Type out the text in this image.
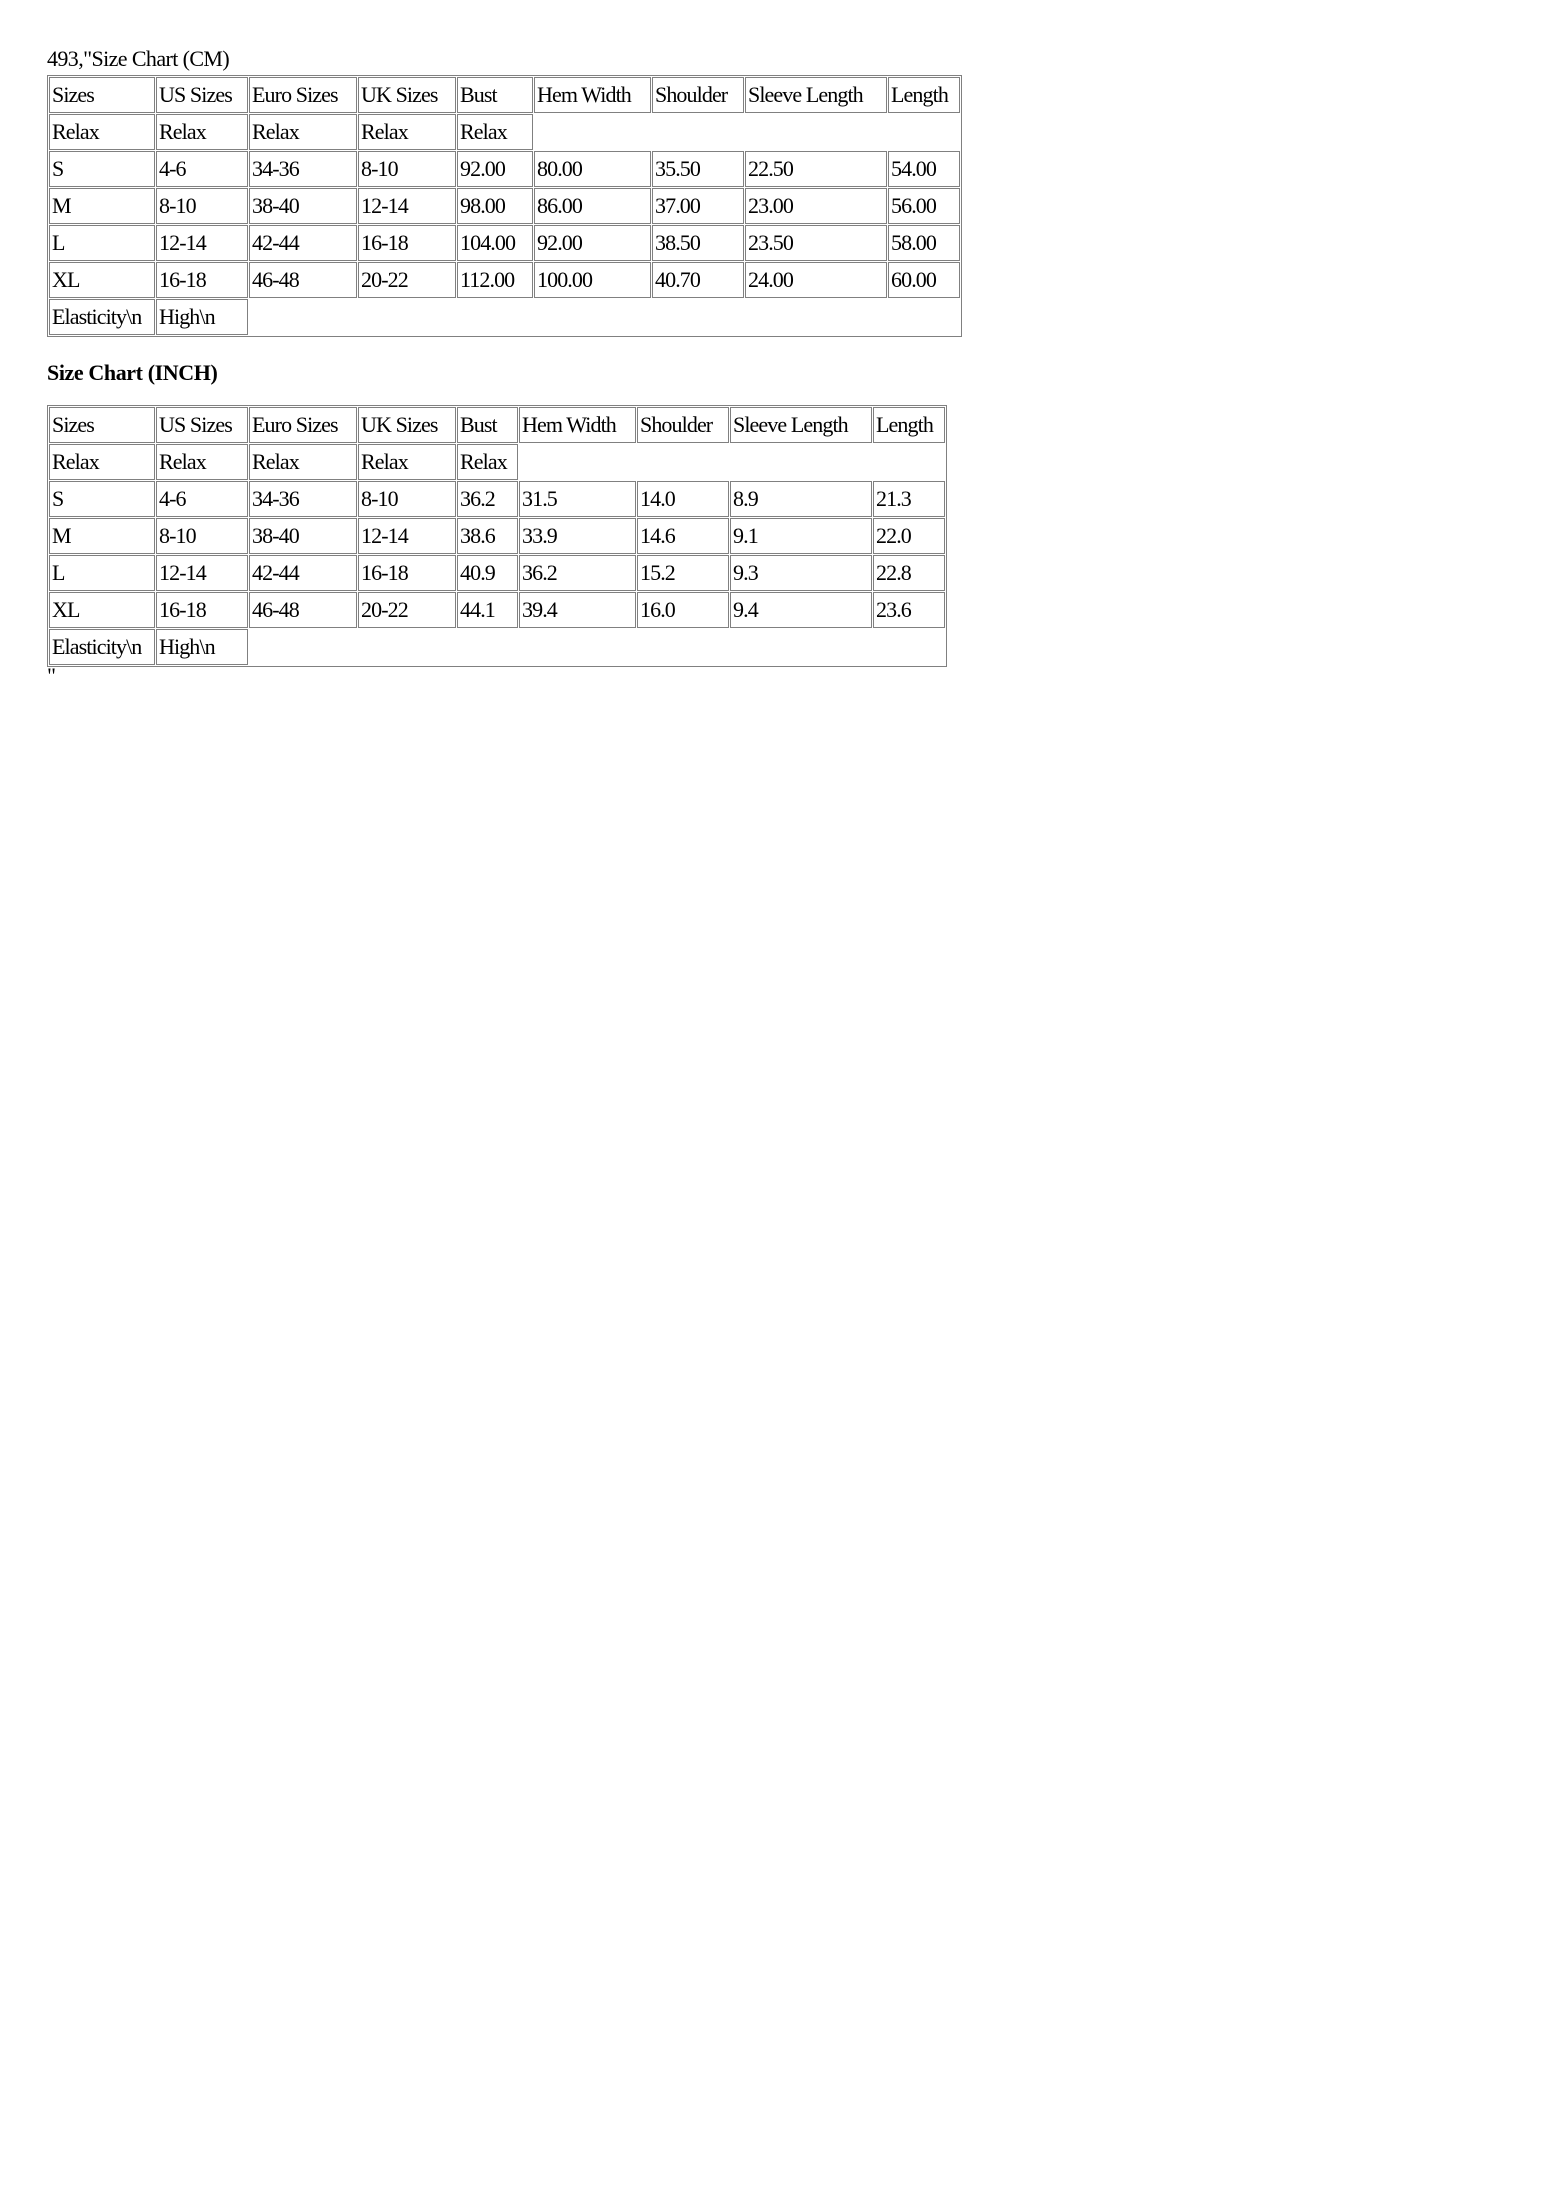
493,"Size Chart (CM)
Sizes	US Sizes	Euro Sizes	UK Sizes	Bust	Hem Width	Shoulder	Sleeve Length	Length
Relax	Relax	Relax	Relax	Relax				
S	4-6	34-36	8-10	92.00	80.00	35.50	22.50	54.00
M	8-10	38-40	12-14	98.00	86.00	37.00	23.00	56.00
L	12-14	42-44	16-18	104.00	92.00	38.50	23.50	58.00
XL	16-18	46-48	20-22	112.00	100.00	40.70	24.00	60.00
Elasticity\n	High\n							
Size Chart (INCH)
Sizes	US Sizes	Euro Sizes	UK Sizes	Bust	Hem Width	Shoulder	Sleeve Length	Length
Relax	Relax	Relax	Relax	Relax				
S	4-6	34-36	8-10	36.2	31.5	14.0	8.9	21.3
M	8-10	38-40	12-14	38.6	33.9	14.6	9.1	22.0
L	12-14	42-44	16-18	40.9	36.2	15.2	9.3	22.8
XL	16-18	46-48	20-22	44.1	39.4	16.0	9.4	23.6
Elasticity\n	High\n							
"
